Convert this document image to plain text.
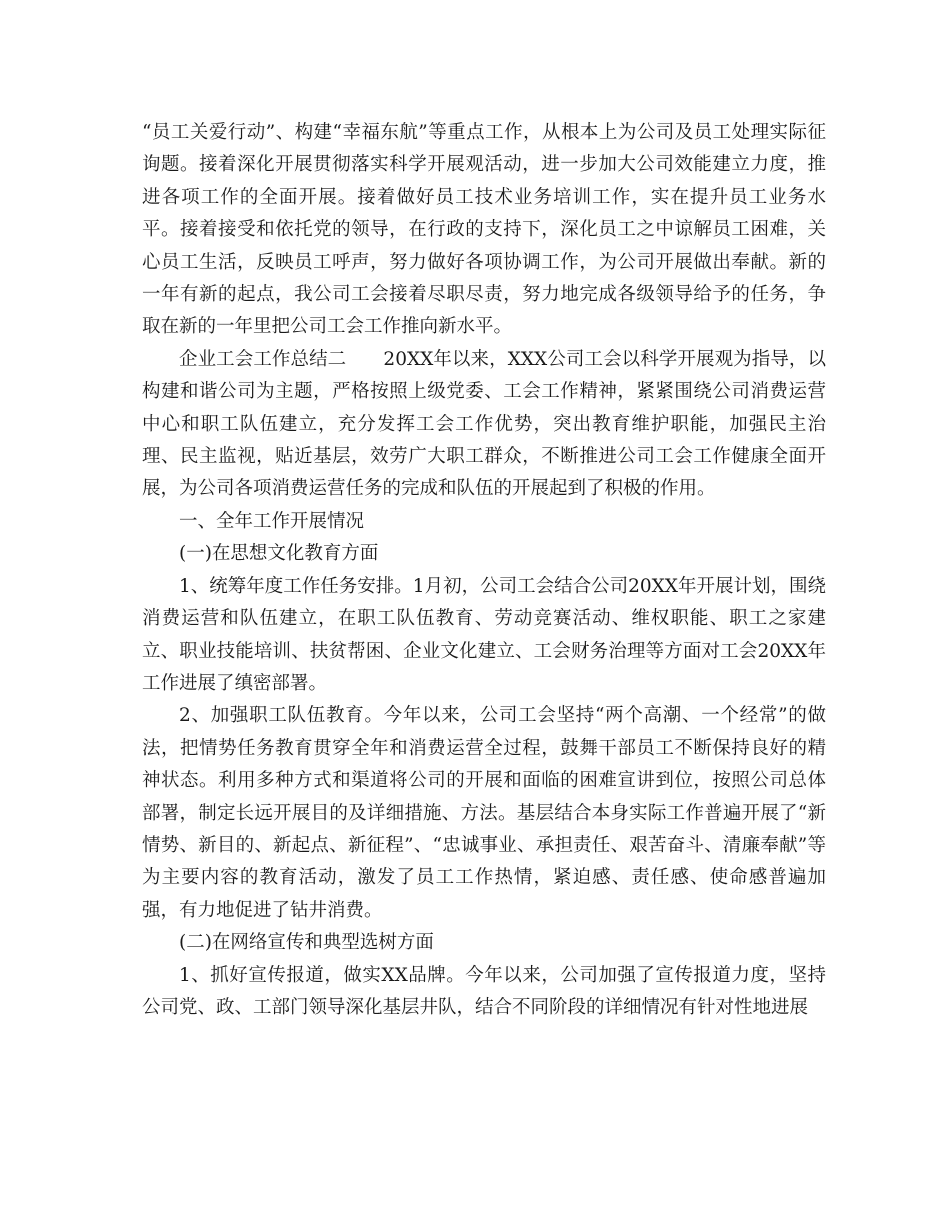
“员工关爱行动”、构建“幸福东航”等重点工作，从根本上为公司及员工处理实际征询题。接着深化开展贯彻落实科学开展观活动，进一步加大公司效能建立力度，推进各项工作的全面开展。接着做好员工技术业务培训工作，实在提升员工业务水平。接着接受和依托党的领导，在行政的支持下，深化员工之中谅解员工困难，关心员工生活，反映员工呼声，努力做好各项协调工作，为公司开展做出奉献。新的一年有新的起点，我公司工会接着尽职尽责，努力地完成各级领导给予的任务，争取在新的一年里把公司工会工作推向新水平。

企业工会工作总结二　　20XX年以来，XXX公司工会以科学开展观为指导，以构建和谐公司为主题，严格按照上级党委、工会工作精神，紧紧围绕公司消费运营中心和职工队伍建立，充分发挥工会工作优势，突出教育维护职能，加强民主治理、民主监视，贴近基层，效劳广大职工群众，不断推进公司工会工作健康全面开展，为公司各项消费运营任务的完成和队伍的开展起到了积极的作用。

一、全年工作开展情况

(一)在思想文化教育方面

1、统筹年度工作任务安排。1月初，公司工会结合公司20XX年开展计划，围绕消费运营和队伍建立，在职工队伍教育、劳动竞赛活动、维权职能、职工之家建立、职业技能培训、扶贫帮困、企业文化建立、工会财务治理等方面对工会20XX年工作进展了缜密部署。

2、加强职工队伍教育。今年以来，公司工会坚持“两个高潮、一个经常”的做法，把情势任务教育贯穿全年和消费运营全过程，鼓舞干部员工不断保持良好的精神状态。利用多种方式和渠道将公司的开展和面临的困难宣讲到位，按照公司总体部署，制定长远开展目的及详细措施、方法。基层结合本身实际工作普遍开展了“新情势、新目的、新起点、新征程”、“忠诚事业、承担责任、艰苦奋斗、清廉奉献”等为主要内容的教育活动，激发了员工工作热情，紧迫感、责任感、使命感普遍加强，有力地促进了钻井消费。

(二)在网络宣传和典型选树方面

1、抓好宣传报道，做实XX品牌。今年以来，公司加强了宣传报道力度，坚持公司党、政、工部门领导深化基层井队，结合不同阶段的详细情况有针对性地进展
